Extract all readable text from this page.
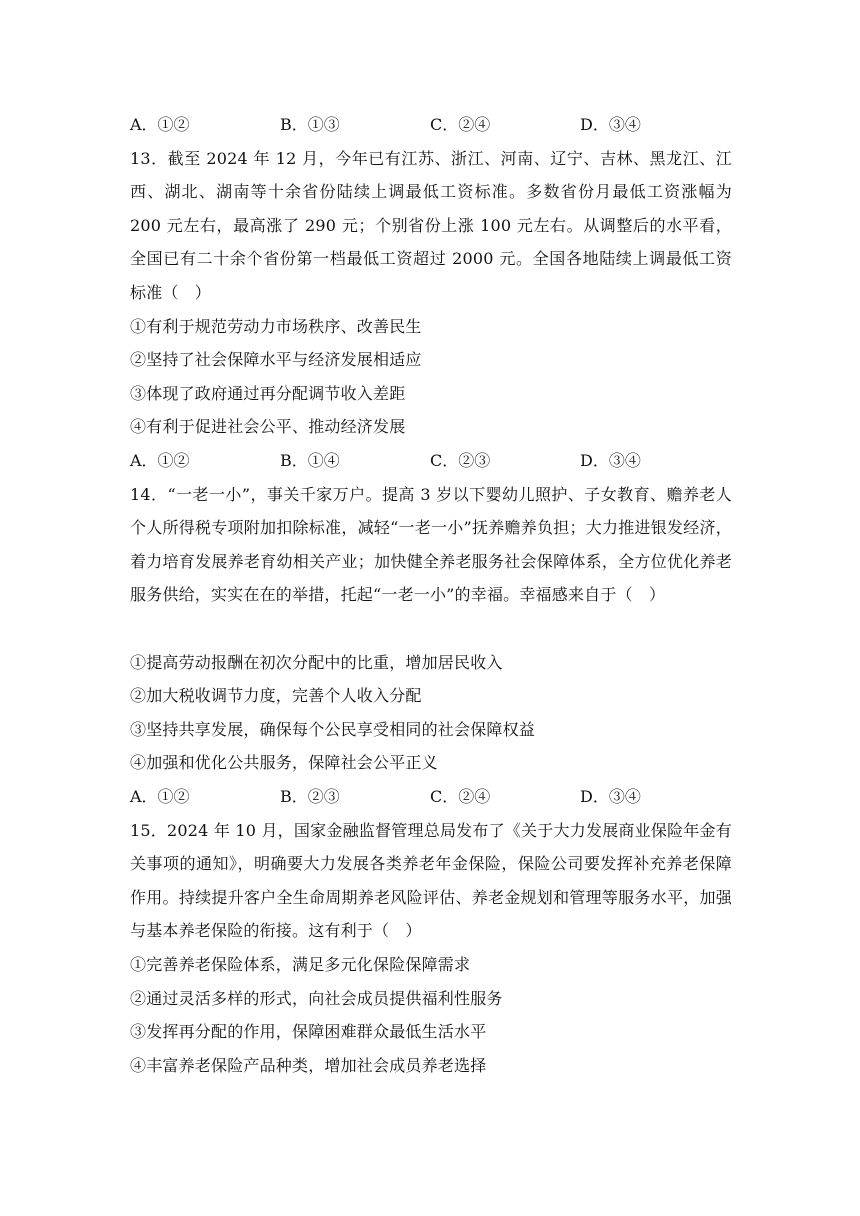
A．①②	B．①③	C．②④	D．③④
13．截至 2024 年 12 月，今年已有江苏、浙江、河南、辽宁、吉林、黑龙江、江西、湖北、湖南等十余省份陆续上调最低工资标准。多数省份月最低工资涨幅为 200 元左右，最高涨了 290 元；个别省份上涨 100 元左右。从调整后的水平看，全国已有二十余个省份第一档最低工资超过 2000 元。全国各地陆续上调最低工资标准（　）
①有利于规范劳动力市场秩序、改善民生
②坚持了社会保障水平与经济发展相适应
③体现了政府通过再分配调节收入差距
④有利于促进社会公平、推动经济发展
A．①②	B．①④	C．②③	D．③④
14．“一老一小”，事关千家万户。提高 3 岁以下婴幼儿照护、子女教育、赡养老人个人所得税专项附加扣除标准，减轻“一老一小”抚养赡养负担；大力推进银发经济，着力培育发展养老育幼相关产业；加快健全养老服务社会保障体系，全方位优化养老服务供给，实实在在的举措，托起“一老一小”的幸福。幸福感来自于（　）
①提高劳动报酬在初次分配中的比重，增加居民收入
②加大税收调节力度，完善个人收入分配
③坚持共享发展，确保每个公民享受相同的社会保障权益
④加强和优化公共服务，保障社会公平正义
A．①②	B．②③	C．②④	D．③④
15．2024 年 10 月，国家金融监督管理总局发布了《关于大力发展商业保险年金有关事项的通知》，明确要大力发展各类养老年金保险，保险公司要发挥补充养老保障作用。持续提升客户全生命周期养老风险评估、养老金规划和管理等服务水平，加强与基本养老保险的衔接。这有利于（　）
①完善养老保险体系，满足多元化保险保障需求
②通过灵活多样的形式，向社会成员提供福利性服务
③发挥再分配的作用，保障困难群众最低生活水平
④丰富养老保险产品种类，增加社会成员养老选择
